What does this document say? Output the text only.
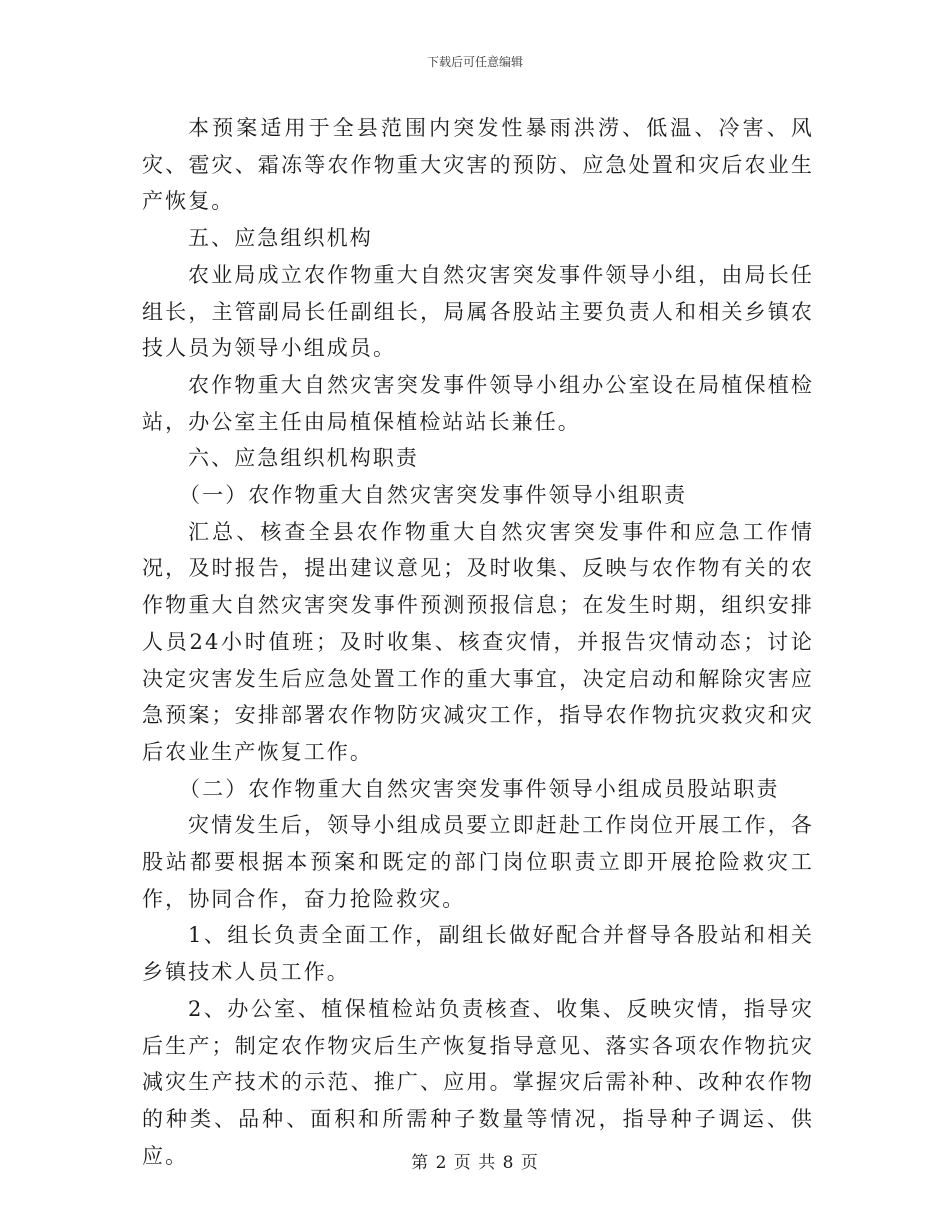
下载后可任意编辑

本预案适用于全县范围内突发性暴雨洪涝、低温、冷害、风灾、雹灾、霜冻等农作物重大灾害的预防、应急处置和灾后农业生产恢复。

五、应急组织机构

农业局成立农作物重大自然灾害突发事件领导小组，由局长任组长，主管副局长任副组长，局属各股站主要负责人和相关乡镇农技人员为领导小组成员。

农作物重大自然灾害突发事件领导小组办公室设在局植保植检站，办公室主任由局植保植检站站长兼任。

六、应急组织机构职责

（一）农作物重大自然灾害突发事件领导小组职责

汇总、核查全县农作物重大自然灾害突发事件和应急工作情况，及时报告，提出建议意见；及时收集、反映与农作物有关的农作物重大自然灾害突发事件预测预报信息；在发生时期，组织安排人员24小时值班；及时收集、核查灾情，并报告灾情动态；讨论决定灾害发生后应急处置工作的重大事宜，决定启动和解除灾害应急预案；安排部署农作物防灾减灾工作，指导农作物抗灾救灾和灾后农业生产恢复工作。

（二）农作物重大自然灾害突发事件领导小组成员股站职责

灾情发生后，领导小组成员要立即赶赴工作岗位开展工作，各股站都要根据本预案和既定的部门岗位职责立即开展抢险救灾工作，协同合作，奋力抢险救灾。

1、组长负责全面工作，副组长做好配合并督导各股站和相关乡镇技术人员工作。

2、办公室、植保植检站负责核查、收集、反映灾情，指导灾后生产；制定农作物灾后生产恢复指导意见、落实各项农作物抗灾减灾生产技术的示范、推广、应用。掌握灾后需补种、改种农作物的种类、品种、面积和所需种子数量等情况，指导种子调运、供应。	第 2 页 共 8 页
